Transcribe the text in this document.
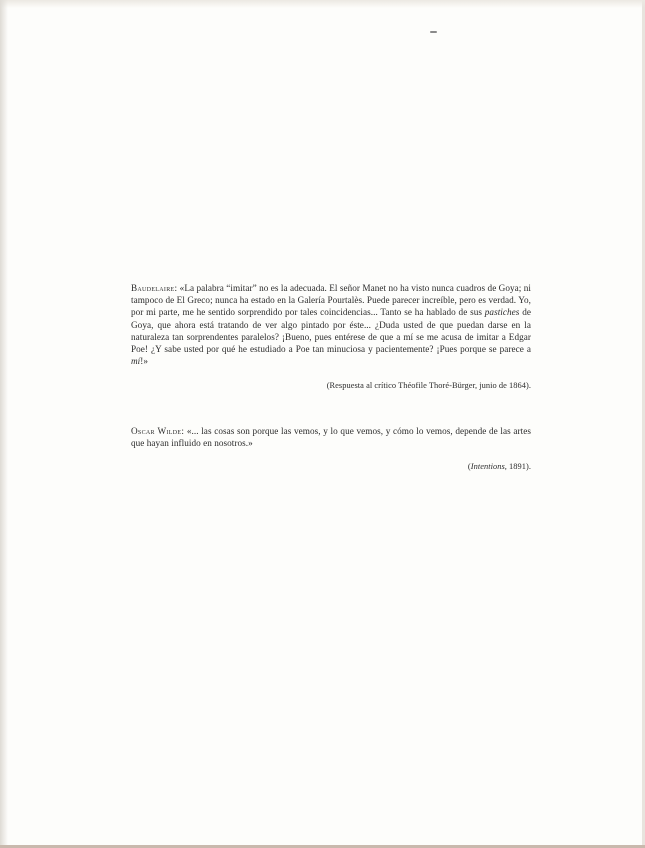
Baudelaire: «La palabra “imitar” no es la adecuada. El señor Manet no ha visto nunca cuadros de Goya; ni tampoco de El Greco; nunca ha estado en la Galería Pourtalès. Puede parecer increíble, pero es verdad. Yo, por mi parte, me he sentido sorprendido por tales coincidencias... Tanto se ha hablado de sus pastiches de Goya, que ahora está tratando de ver algo pintado por éste... ¿Duda usted de que puedan darse en la naturaleza tan sorprendentes paralelos? ¡Bueno, pues entérese de que a mí se me acusa de imitar a Edgar Poe! ¿Y sabe usted por qué he estudiado a Poe tan minuciosa y pacientemente? ¡Pues porque se parece a mí!»

(Respuesta al crítico Théofile Thoré-Bürger, junio de 1864).

Oscar Wilde: «... las cosas son porque las vemos, y lo que vemos, y cómo lo vemos, depende de las artes que hayan influido en nosotros.»

(Intentions, 1891).
